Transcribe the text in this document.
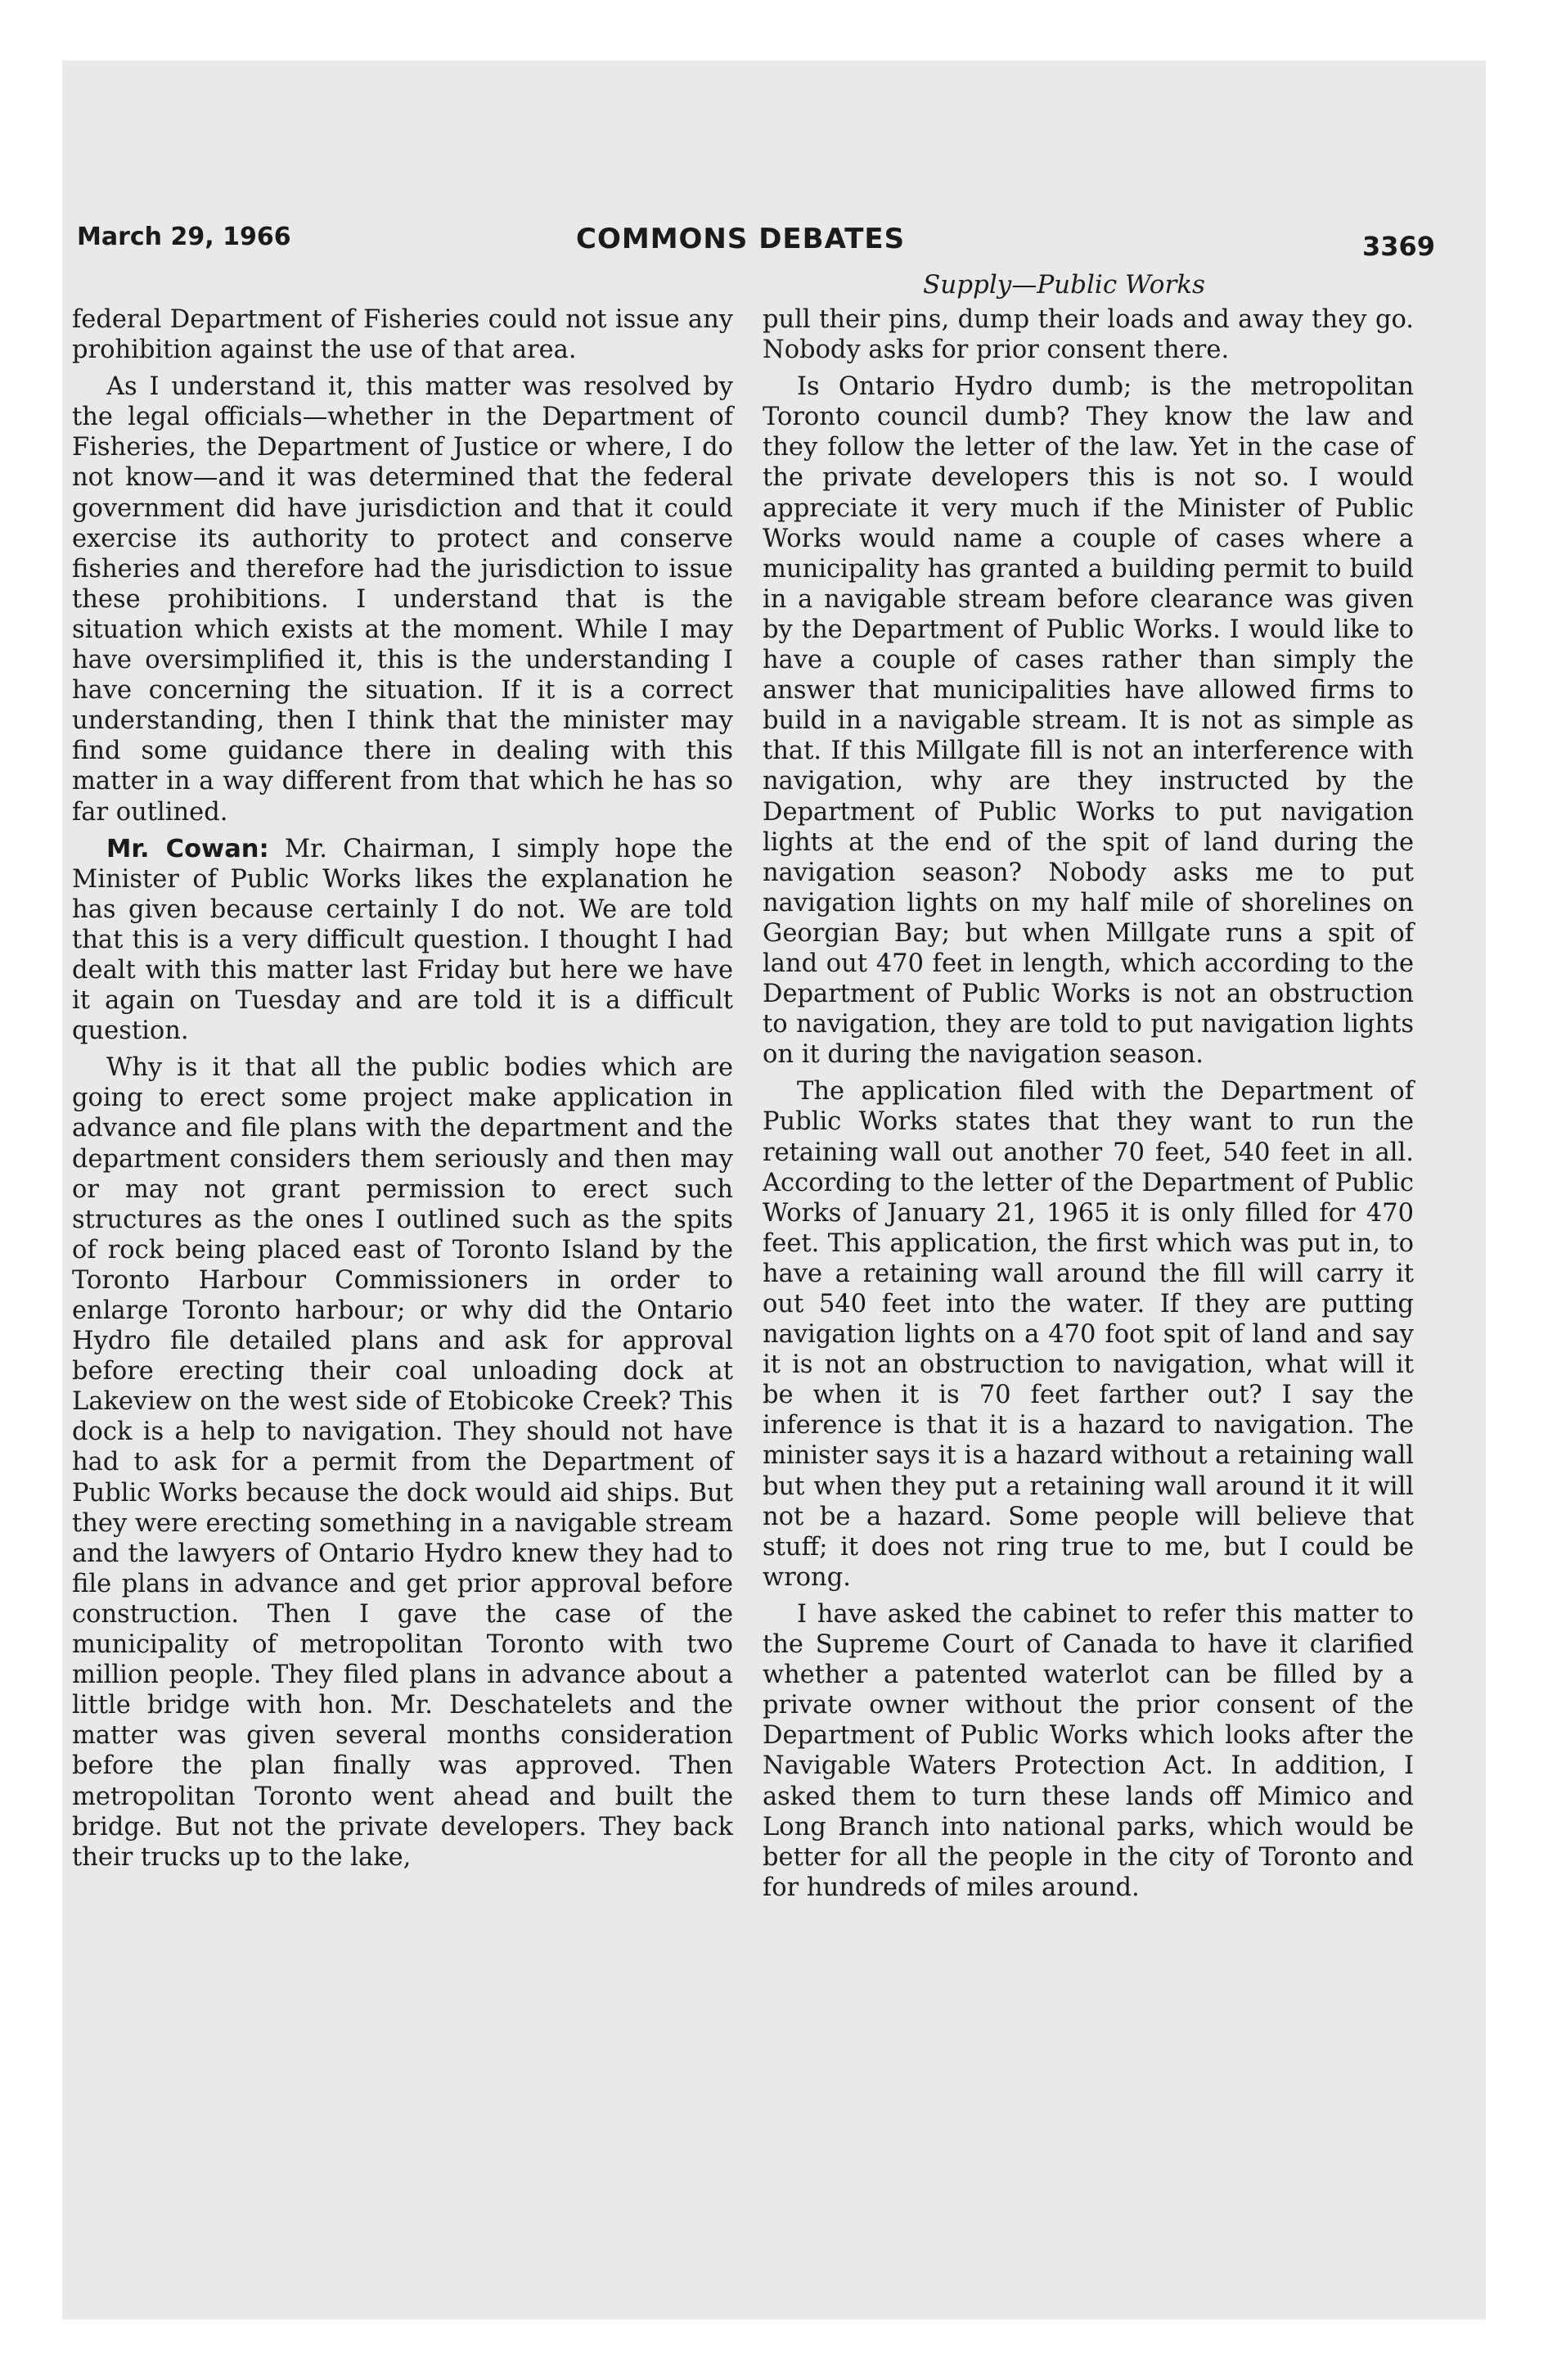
March 29, 1966	COMMONS DEBATES	3369
Supply—Public Works

federal Department of Fisheries could not issue any prohibition against the use of that area.

As I understand it, this matter was resolved by the legal officials—whether in the Department of Fisheries, the Department of Justice or where, I do not know—and it was determined that the federal government did have jurisdiction and that it could exercise its authority to protect and conserve fisheries and therefore had the jurisdiction to issue these prohibitions. I understand that is the situation which exists at the moment. While I may have oversimplified it, this is the understanding I have concerning the situation. If it is a correct understanding, then I think that the minister may find some guidance there in dealing with this matter in a way different from that which he has so far outlined.

Mr. Cowan: Mr. Chairman, I simply hope the Minister of Public Works likes the explanation he has given because certainly I do not. We are told that this is a very difficult question. I thought I had dealt with this matter last Friday but here we have it again on Tuesday and are told it is a difficult question.

Why is it that all the public bodies which are going to erect some project make application in advance and file plans with the department and the department considers them seriously and then may or may not grant permission to erect such structures as the ones I outlined such as the spits of rock being placed east of Toronto Island by the Toronto Harbour Commissioners in order to enlarge Toronto harbour; or why did the Ontario Hydro file detailed plans and ask for approval before erecting their coal unloading dock at Lakeview on the west side of Etobicoke Creek? This dock is a help to navigation. They should not have had to ask for a permit from the Department of Public Works because the dock would aid ships. But they were erecting something in a navigable stream and the lawyers of Ontario Hydro knew they had to file plans in advance and get prior approval before construction. Then I gave the case of the municipality of metropolitan Toronto with two million people. They filed plans in advance about a little bridge with hon. Mr. Deschatelets and the matter was given several months consideration before the plan finally was approved. Then metropolitan Toronto went ahead and built the bridge. But not the private developers. They back their trucks up to the lake,

pull their pins, dump their loads and away they go. Nobody asks for prior consent there.

Is Ontario Hydro dumb; is the metropolitan Toronto council dumb? They know the law and they follow the letter of the law. Yet in the case of the private developers this is not so. I would appreciate it very much if the Minister of Public Works would name a couple of cases where a municipality has granted a building permit to build in a navigable stream before clearance was given by the Department of Public Works. I would like to have a couple of cases rather than simply the answer that municipalities have allowed firms to build in a navigable stream. It is not as simple as that. If this Millgate fill is not an interference with navigation, why are they instructed by the Department of Public Works to put navigation lights at the end of the spit of land during the navigation season? Nobody asks me to put navigation lights on my half mile of shorelines on Georgian Bay; but when Millgate runs a spit of land out 470 feet in length, which according to the Department of Public Works is not an obstruction to navigation, they are told to put navigation lights on it during the navigation season.

The application filed with the Department of Public Works states that they want to run the retaining wall out another 70 feet, 540 feet in all. According to the letter of the Department of Public Works of January 21, 1965 it is only filled for 470 feet. This application, the first which was put in, to have a retaining wall around the fill will carry it out 540 feet into the water. If they are putting navigation lights on a 470 foot spit of land and say it is not an obstruction to navigation, what will it be when it is 70 feet farther out? I say the inference is that it is a hazard to navigation. The minister says it is a hazard without a retaining wall but when they put a retaining wall around it it will not be a hazard. Some people will believe that stuff; it does not ring true to me, but I could be wrong.

I have asked the cabinet to refer this matter to the Supreme Court of Canada to have it clarified whether a patented waterlot can be filled by a private owner without the prior consent of the Department of Public Works which looks after the Navigable Waters Protection Act. In addition, I asked them to turn these lands off Mimico and Long Branch into national parks, which would be better for all the people in the city of Toronto and for hundreds of miles around.
